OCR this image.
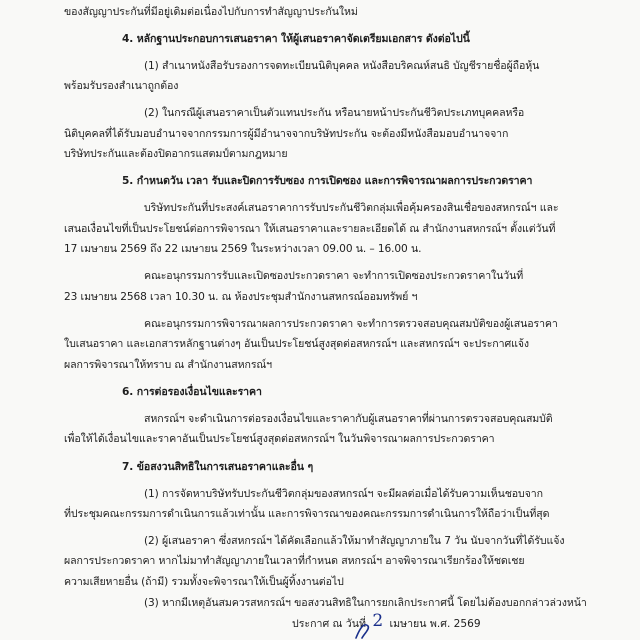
ของสัญญาประกันที่มีอยู่เดิมต่อเนื่องไปกับการทำสัญญาประกันใหม่
4. หลักฐานประกอบการเสนอราคา ให้ผู้เสนอราคาจัดเตรียมเอกสาร ดังต่อไปนี้
(1) สำเนาหนังสือรับรองการจดทะเบียนนิติบุคคล หนังสือบริคณห์สนธิ บัญชีรายชื่อผู้ถือหุ้น
พร้อมรับรองสำเนาถูกต้อง
(2) ในกรณีผู้เสนอราคาเป็นตัวแทนประกัน หรือนายหน้าประกันชีวิตประเภทบุคคลหรือ
นิติบุคคลที่ได้รับมอบอำนาจจากกรรมการผู้มีอำนาจจากบริษัทประกัน จะต้องมีหนังสือมอบอำนาจจาก
บริษัทประกันและต้องปิดอากรแสตมป์ตามกฎหมาย
5. กำหนดวัน เวลา รับและปิดการรับซอง การเปิดซอง และการพิจารณาผลการประกวดราคา
บริษัทประกันที่ประสงค์เสนอราคาการรับประกันชีวิตกลุ่มเพื่อคุ้มครองสินเชื่อของสหกรณ์ฯ และ
เสนอเงื่อนไขที่เป็นประโยชน์ต่อการพิจารณา ให้เสนอราคาและรายละเอียดได้ ณ สำนักงานสหกรณ์ฯ ตั้งแต่วันที่
17 เมษายน 2569 ถึง 22 เมษายน 2569 ในระหว่างเวลา 09.00 น. – 16.00 น.
คณะอนุกรรมการรับและเปิดซองประกวดราคา จะทำการเปิดซองประกวดราคาในวันที่
23 เมษายน 2568 เวลา 10.30 น. ณ ห้องประชุมสำนักงานสหกรณ์ออมทรัพย์ ฯ
คณะอนุกรรมการพิจารณาผลการประกวดราคา จะทำการตรวจสอบคุณสมบัติของผู้เสนอราคา
ใบเสนอราคา และเอกสารหลักฐานต่างๆ อันเป็นประโยชน์สูงสุดต่อสหกรณ์ฯ และสหกรณ์ฯ จะประกาศแจ้ง
ผลการพิจารณาให้ทราบ ณ สำนักงานสหกรณ์ฯ
6. การต่อรองเงื่อนไขและราคา
สหกรณ์ฯ จะดำเนินการต่อรองเงื่อนไขและราคากับผู้เสนอราคาที่ผ่านการตรวจสอบคุณสมบัติ
เพื่อให้ได้เงื่อนไขและราคาอันเป็นประโยชน์สูงสุดต่อสหกรณ์ฯ ในวันพิจารณาผลการประกวดราคา
7. ข้อสงวนสิทธิในการเสนอราคาและอื่น ๆ
(1) การจัดหาบริษัทรับประกันชีวิตกลุ่มของสหกรณ์ฯ จะมีผลต่อเมื่อได้รับความเห็นชอบจาก
ที่ประชุมคณะกรรมการดำเนินการแล้วเท่านั้น และการพิจารณาของคณะกรรมการดำเนินการให้ถือว่าเป็นที่สุด
(2) ผู้เสนอราคา ซึ่งสหกรณ์ฯ ได้คัดเลือกแล้วให้มาทำสัญญาภายใน 7 วัน นับจากวันที่ได้รับแจ้ง
ผลการประกวดราคา หากไม่มาทำสัญญาภายในเวลาที่กำหนด สหกรณ์ฯ อาจพิจารณาเรียกร้องให้ชดเชย
ความเสียหายอื่น (ถ้ามี) รวมทั้งจะพิจารณาให้เป็นผู้ทิ้งงานต่อไป
(3) หากมีเหตุอันสมควรสหกรณ์ฯ ขอสงวนสิทธิในการยกเลิกประกาศนี้ โดยไม่ต้องบอกกล่าวล่วงหน้า
ประกาศ ณ วันที่ 2 เมษายน พ.ศ. 2569
